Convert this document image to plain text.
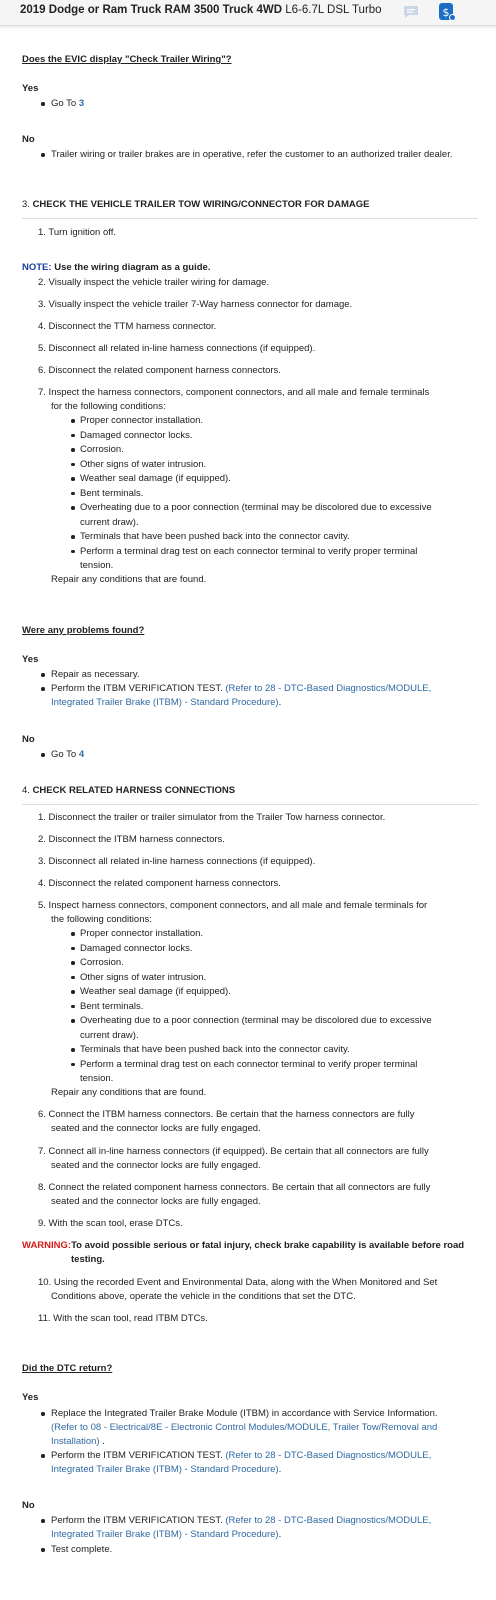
2019 Dodge or Ram Truck RAM 3500 Truck 4WD L6-6.7L DSL Turbo	$
Does the EVIC display "Check Trailer Wiring"?
Yes
Go To 3
No
Trailer wiring or trailer brakes are in operative, refer the customer to an authorized trailer dealer.
3. CHECK THE VEHICLE TRAILER TOW WIRING/CONNECTOR FOR DAMAGE
1. Turn ignition off.
NOTE: Use the wiring diagram as a guide.
2. Visually inspect the vehicle trailer wiring for damage.
3. Visually inspect the vehicle trailer 7-Way harness connector for damage.
4. Disconnect the TTM harness connector.
5. Disconnect all related in-line harness connections (if equipped).
6. Disconnect the related component harness connectors.
7. Inspect the harness connectors, component connectors, and all male and female terminals
for the following conditions:
Proper connector installation.
Damaged connector locks.
Corrosion.
Other signs of water intrusion.
Weather seal damage (if equipped).
Bent terminals.
Overheating due to a poor connection (terminal may be discolored due to excessive
current draw).
Terminals that have been pushed back into the connector cavity.
Perform a terminal drag test on each connector terminal to verify proper terminal
tension.
Repair any conditions that are found.
Were any problems found?
Yes
Repair as necessary.
Perform the ITBM VERIFICATION TEST. (Refer to 28 - DTC-Based Diagnostics/MODULE,
Integrated Trailer Brake (ITBM) - Standard Procedure).
No
Go To 4
4. CHECK RELATED HARNESS CONNECTIONS
1. Disconnect the trailer or trailer simulator from the Trailer Tow harness connector.
2. Disconnect the ITBM harness connectors.
3. Disconnect all related in-line harness connections (if equipped).
4. Disconnect the related component harness connectors.
5. Inspect harness connectors, component connectors, and all male and female terminals for
the following conditions:
Proper connector installation.
Damaged connector locks.
Corrosion.
Other signs of water intrusion.
Weather seal damage (if equipped).
Bent terminals.
Overheating due to a poor connection (terminal may be discolored due to excessive
current draw).
Terminals that have been pushed back into the connector cavity.
Perform a terminal drag test on each connector terminal to verify proper terminal
tension.
Repair any conditions that are found.
6. Connect the ITBM harness connectors. Be certain that the harness connectors are fully
seated and the connector locks are fully engaged.
7. Connect all in-line harness connectors (if equipped). Be certain that all connectors are fully
seated and the connector locks are fully engaged.
8. Connect the related component harness connectors. Be certain that all connectors are fully
seated and the connector locks are fully engaged.
9. With the scan tool, erase DTCs.
WARNING:To avoid possible serious or fatal injury, check brake capability is available before road
testing.
10. Using the recorded Event and Environmental Data, along with the When Monitored and Set
Conditions above, operate the vehicle in the conditions that set the DTC.
11. With the scan tool, read ITBM DTCs.
Did the DTC return?
Yes
Replace the Integrated Trailer Brake Module (ITBM) in accordance with Service Information.
(Refer to 08 - Electrical/8E - Electronic Control Modules/MODULE, Trailer Tow/Removal and
Installation) .
Perform the ITBM VERIFICATION TEST. (Refer to 28 - DTC-Based Diagnostics/MODULE,
Integrated Trailer Brake (ITBM) - Standard Procedure).
No
Perform the ITBM VERIFICATION TEST. (Refer to 28 - DTC-Based Diagnostics/MODULE,
Integrated Trailer Brake (ITBM) - Standard Procedure).
Test complete.
